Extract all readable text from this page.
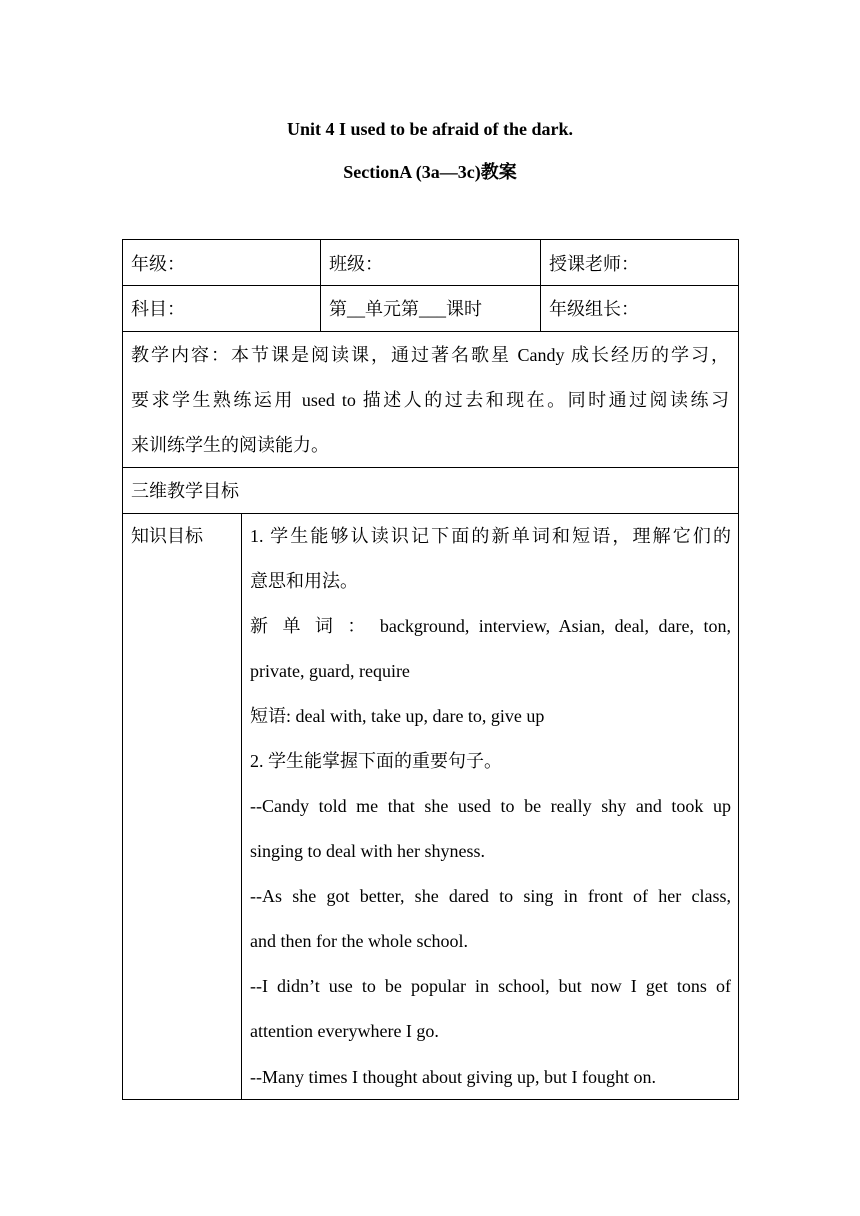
Unit 4 I used to be afraid of the dark.
SectionA (3a—3c)教案
年级：	班级：	授课老师：
科目：	第__单元第___课时	年级组长：
教学内容：本节课是阅读课，通过著名歌星 Candy 成长经历的学习，
要求学生熟练运用 used to 描述人的过去和现在。同时通过阅读练习
来训练学生的阅读能力。
三维教学目标
知识目标	1. 学生能够认读识记下面的新单词和短语，理解它们的
意思和用法。
新 单 词 ： background, interview, Asian, deal, dare, ton,
private, guard, require
短语: deal with, take up, dare to, give up
2. 学生能掌握下面的重要句子。
--Candy told me that she used to be really shy and took up
singing to deal with her shyness.
--As she got better, she dared to sing in front of her class,
and then for the whole school.
--I didn’t use to be popular in school, but now I get tons of
attention everywhere I go.
--Many times I thought about giving up, but I fought on.
